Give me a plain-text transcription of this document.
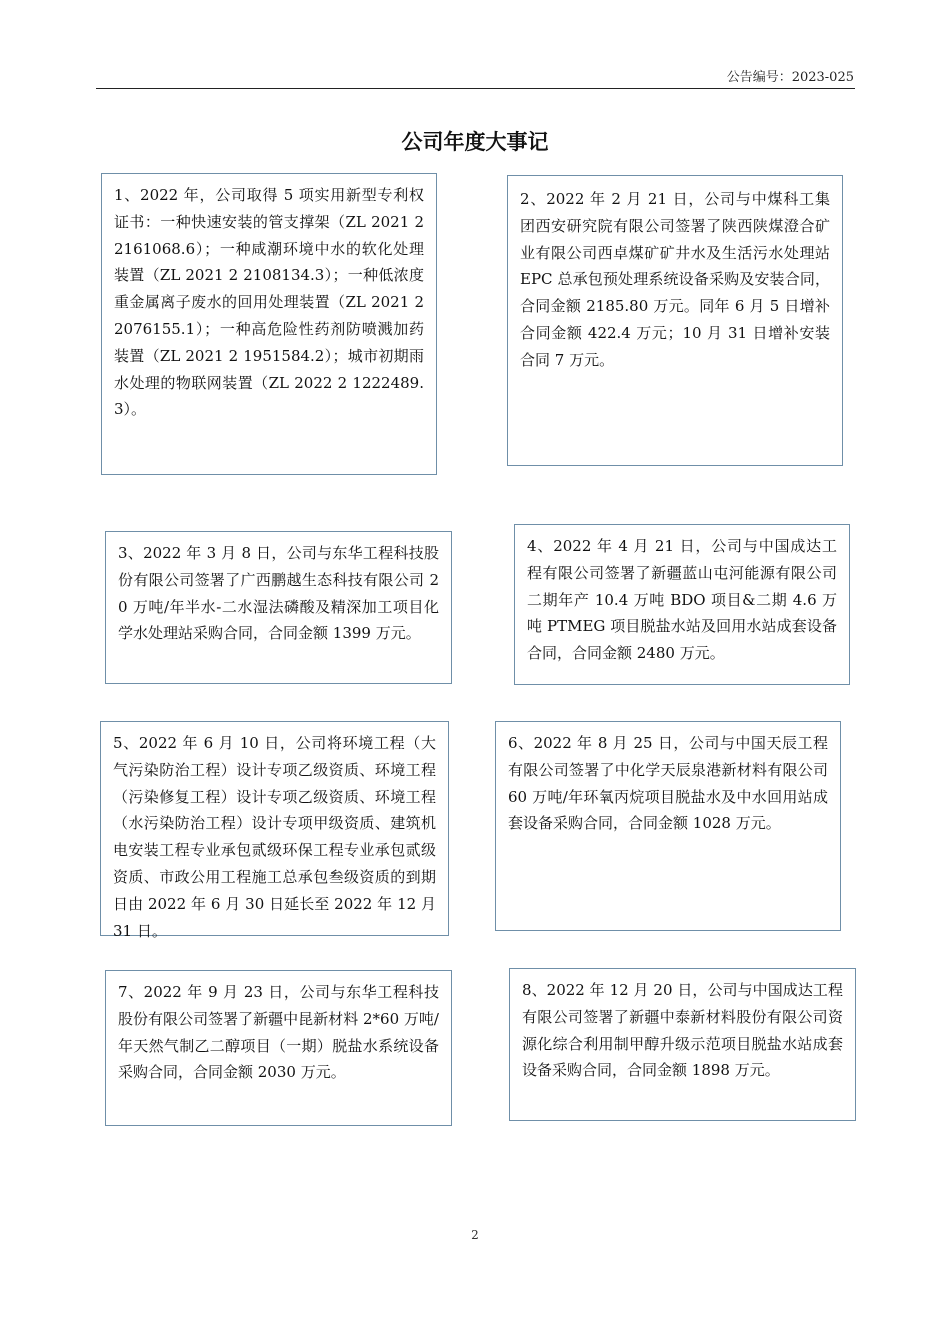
公告编号：2023-025
公司年度大事记
1、2022 年，公司取得 5 项实用新型专利权证书：一种快速安装的管支撑架（ZL 2021 2 2161068.6）；一种咸潮环境中水的软化处理装置（ZL 2021 2 2108134.3）；一种低浓度重金属离子废水的回用处理装置（ZL 2021 2 2076155.1）；一种高危险性药剂防喷溅加药装置（ZL 2021 2 1951584.2）；城市初期雨水处理的物联网装置（ZL 2022 2 1222489.3）。
2、2022 年 2 月 21 日，公司与中煤科工集团西安研究院有限公司签署了陕西陕煤澄合矿业有限公司西卓煤矿矿井水及生活污水处理站 EPC 总承包预处理系统设备采购及安装合同，合同金额 2185.80 万元。同年 6 月 5 日增补合同金额 422.4 万元；10 月 31 日增补安装合同 7 万元。
3、2022 年 3 月 8 日，公司与东华工程科技股份有限公司签署了广西鹏越生态科技有限公司 20 万吨/年半水-二水湿法磷酸及精深加工项目化学水处理站采购合同，合同金额 1399 万元。
4、2022 年 4 月 21 日，公司与中国成达工程有限公司签署了新疆蓝山屯河能源有限公司二期年产 10.4 万吨 BDO 项目&二期 4.6 万吨 PTMEG 项目脱盐水站及回用水站成套设备合同，合同金额 2480 万元。
5、2022 年 6 月 10 日，公司将环境工程（大气污染防治工程）设计专项乙级资质、环境工程（污染修复工程）设计专项乙级资质、环境工程（水污染防治工程）设计专项甲级资质、建筑机电安装工程专业承包贰级环保工程专业承包贰级资质、市政公用工程施工总承包叁级资质的到期日由 2022 年 6 月 30 日延长至 2022 年 12 月 31 日。
6、2022 年 8 月 25 日，公司与中国天辰工程有限公司签署了中化学天辰泉港新材料有限公司 60 万吨/年环氧丙烷项目脱盐水及中水回用站成套设备采购合同，合同金额 1028 万元。
7、2022 年 9 月 23 日，公司与东华工程科技股份有限公司签署了新疆中昆新材料 2*60 万吨/年天然气制乙二醇项目（一期）脱盐水系统设备采购合同，合同金额 2030 万元。
8、2022 年 12 月 20 日，公司与中国成达工程有限公司签署了新疆中泰新材料股份有限公司资源化综合利用制甲醇升级示范项目脱盐水站成套设备采购合同，合同金额 1898 万元。
2
